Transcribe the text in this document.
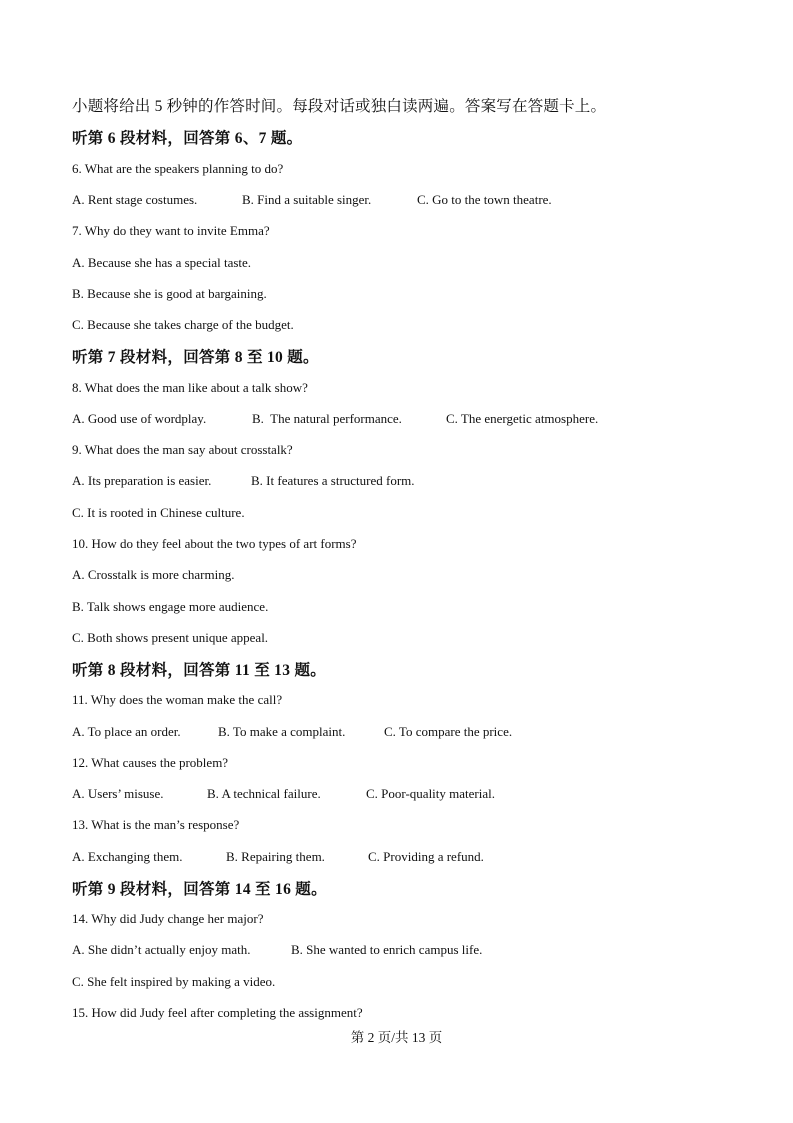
小题将给出 5 秒钟的作答时间。每段对话或独白读两遍。答案写在答题卡上。
听第 6 段材料，回答第 6、7 题。
6. What are the speakers planning to do?

A. Rent stage costumes.

	B. Find a suitable singer.

	C. Go to the town theatre.

7. Why do they want to invite Emma?
A. Because she has a special taste.
B. Because she is good at bargaining.
C. Because she takes charge of the budget.
听第 7 段材料，回答第 8 至 10 题。
8. What does the man like about a talk show?

A. Good use of wordplay.

	B.  The natural performance.

	C. The energetic atmosphere.

9. What does the man say about crosstalk?

A. Its preparation is easier.

	B. It features a structured form.

C. It is rooted in Chinese culture.
10. How do they feel about the two types of art forms?
A. Crosstalk is more charming.
B. Talk shows engage more audience.
C. Both shows present unique appeal.
听第 8 段材料，回答第 11 至 13 题。
11. Why does the woman make the call?

A. To place an order.

	B. To make a complaint.

	C. To compare the price.

12. What causes the problem?

A. Users’ misuse.

	B. A technical failure.

	C. Poor-quality material.

13. What is the man’s response?

A. Exchanging them.

	B. Repairing them.

	C. Providing a refund.

听第 9 段材料，回答第 14 至 16 题。
14. Why did Judy change her major?

A. She didn’t actually enjoy math.

	B. She wanted to enrich campus life.

C. She felt inspired by making a video.
15. How did Judy feel after completing the assignment?
第 2 页/共 13 页
